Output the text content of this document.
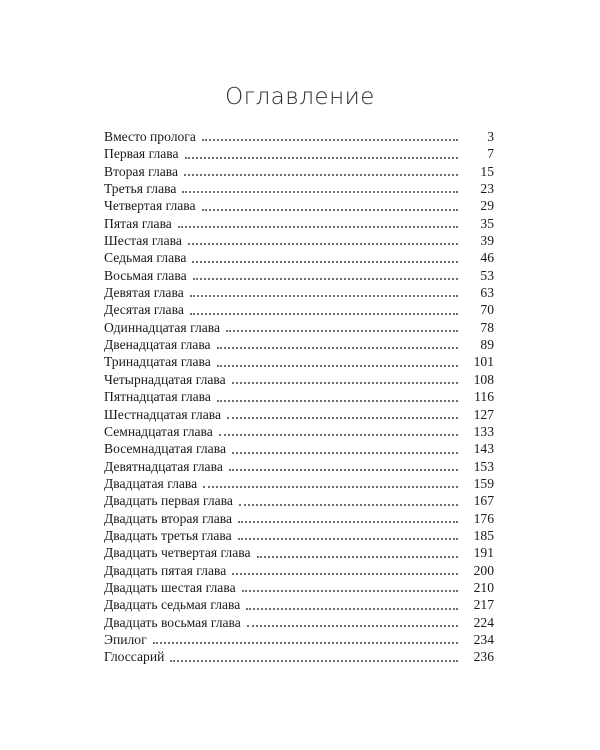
Оглавление
Вместо пролога	3
Первая глава	7
Вторая глава	15
Третья глава	23
Четвертая глава	29
Пятая глава	35
Шестая глава	39
Седьмая глава	46
Восьмая глава	53
Девятая глава	63
Десятая глава	70
Одиннадцатая глава	78
Двенадцатая глава	89
Тринадцатая глава	101
Четырнадцатая глава	108
Пятнадцатая глава	116
Шестнадцатая глава	127
Семнадцатая глава	133
Восемнадцатая глава	143
Девятнадцатая глава	153
Двадцатая глава	159
Двадцать первая глава	167
Двадцать вторая глава	176
Двадцать третья глава	185
Двадцать четвертая глава	191
Двадцать пятая глава	200
Двадцать шестая глава	210
Двадцать седьмая глава	217
Двадцать восьмая глава	224
Эпилог	234
Глоссарий	236
